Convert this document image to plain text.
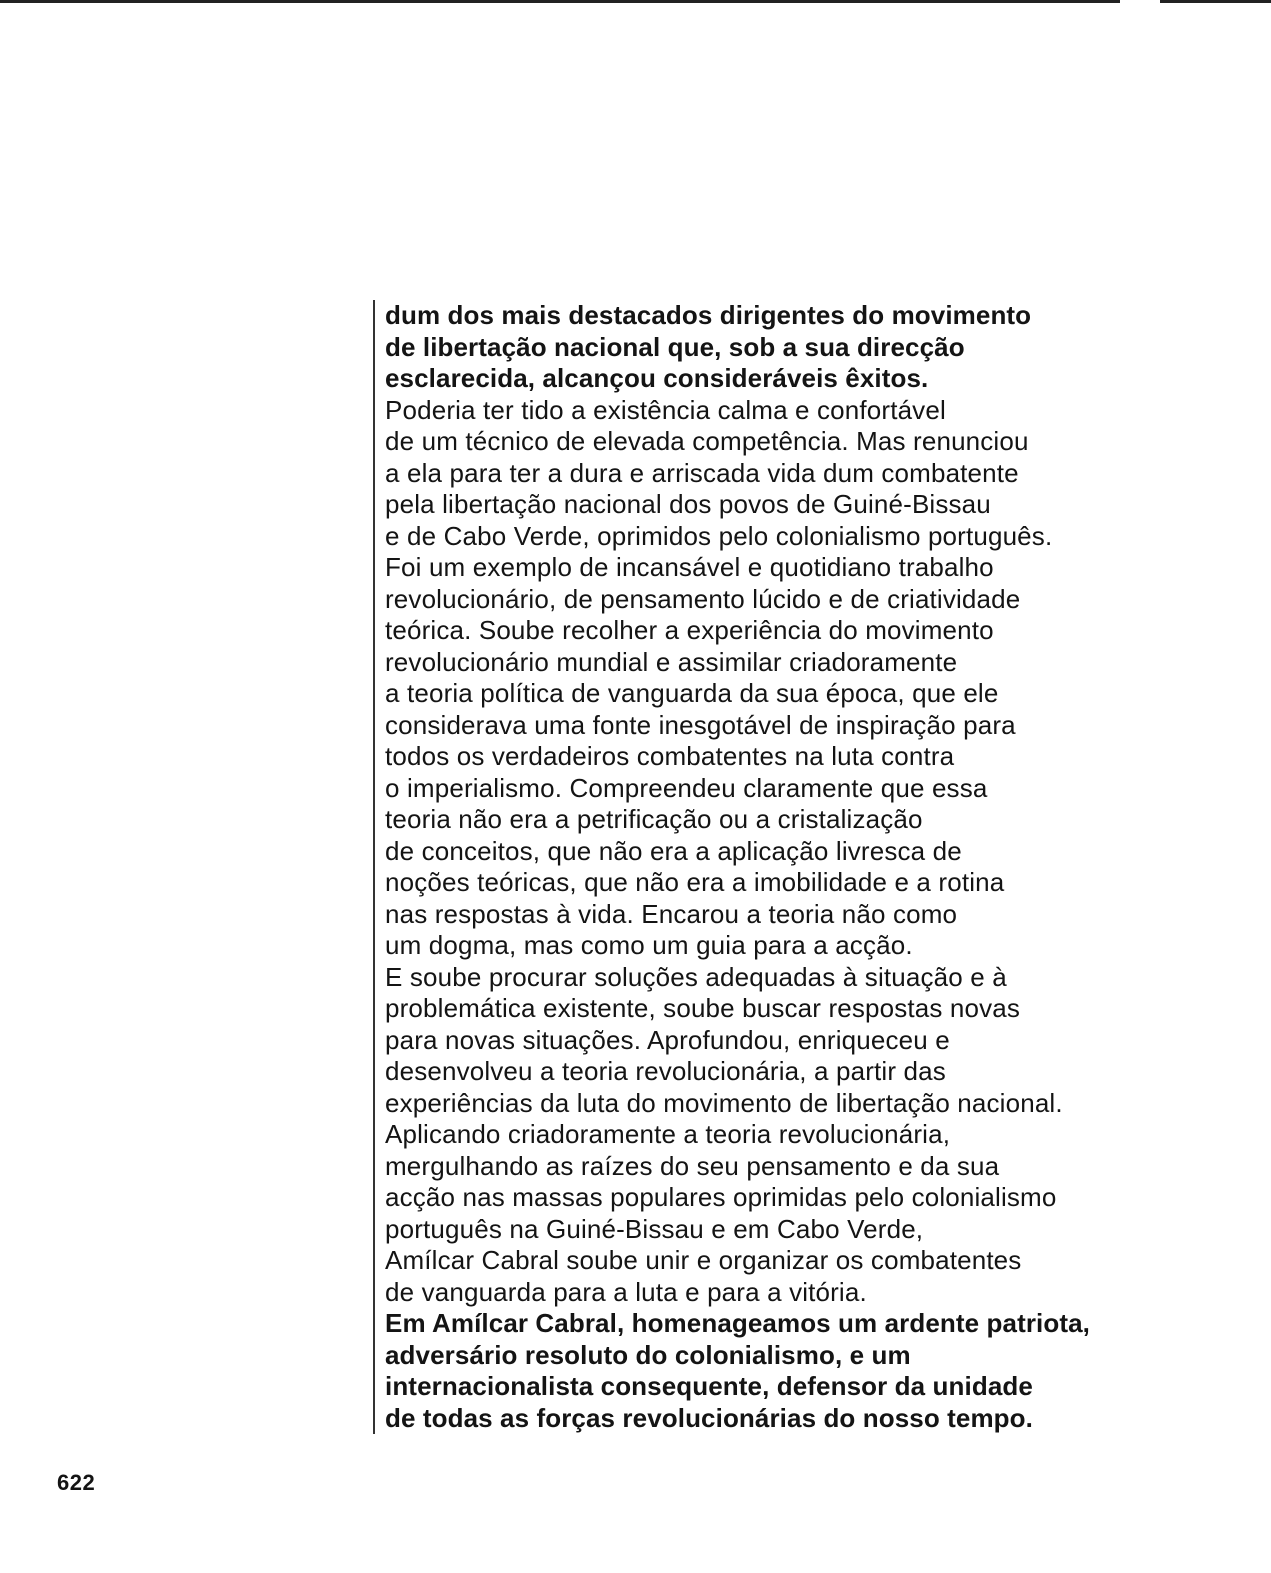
dum dos mais destacados dirigentes do movimento
de libertação nacional que, sob a sua direcção
esclarecida, alcançou consideráveis êxitos.
Poderia ter tido a existência calma e confortável
de um técnico de elevada competência. Mas renunciou
a ela para ter a dura e arriscada vida dum combatente
pela libertação nacional dos povos de Guiné-Bissau
e de Cabo Verde, oprimidos pelo colonialismo português.
Foi um exemplo de incansável e quotidiano trabalho
revolucionário, de pensamento lúcido e de criatividade
teórica. Soube recolher a experiência do movimento
revolucionário mundial e assimilar criadoramente
a teoria política de vanguarda da sua época, que ele
considerava uma fonte inesgotável de inspiração para
todos os verdadeiros combatentes na luta contra
o imperialismo. Compreendeu claramente que essa
teoria não era a petrificação ou a cristalização
de conceitos, que não era a aplicação livresca de
noções teóricas, que não era a imobilidade e a rotina
nas respostas à vida. Encarou a teoria não como
um dogma, mas como um guia para a acção.
E soube procurar soluções adequadas à situação e à
problemática existente, soube buscar respostas novas
para novas situações. Aprofundou, enriqueceu e
desenvolveu a teoria revolucionária, a partir das
experiências da luta do movimento de libertação nacional.
Aplicando criadoramente a teoria revolucionária,
mergulhando as raízes do seu pensamento e da sua
acção nas massas populares oprimidas pelo colonialismo
português na Guiné-Bissau e em Cabo Verde,
Amílcar Cabral soube unir e organizar os combatentes
de vanguarda para a luta e para a vitória.
Em Amílcar Cabral, homenageamos um ardente patriota,
adversário resoluto do colonialismo, e um
internacionalista consequente, defensor da unidade
de todas as forças revolucionárias do nosso tempo.
622
